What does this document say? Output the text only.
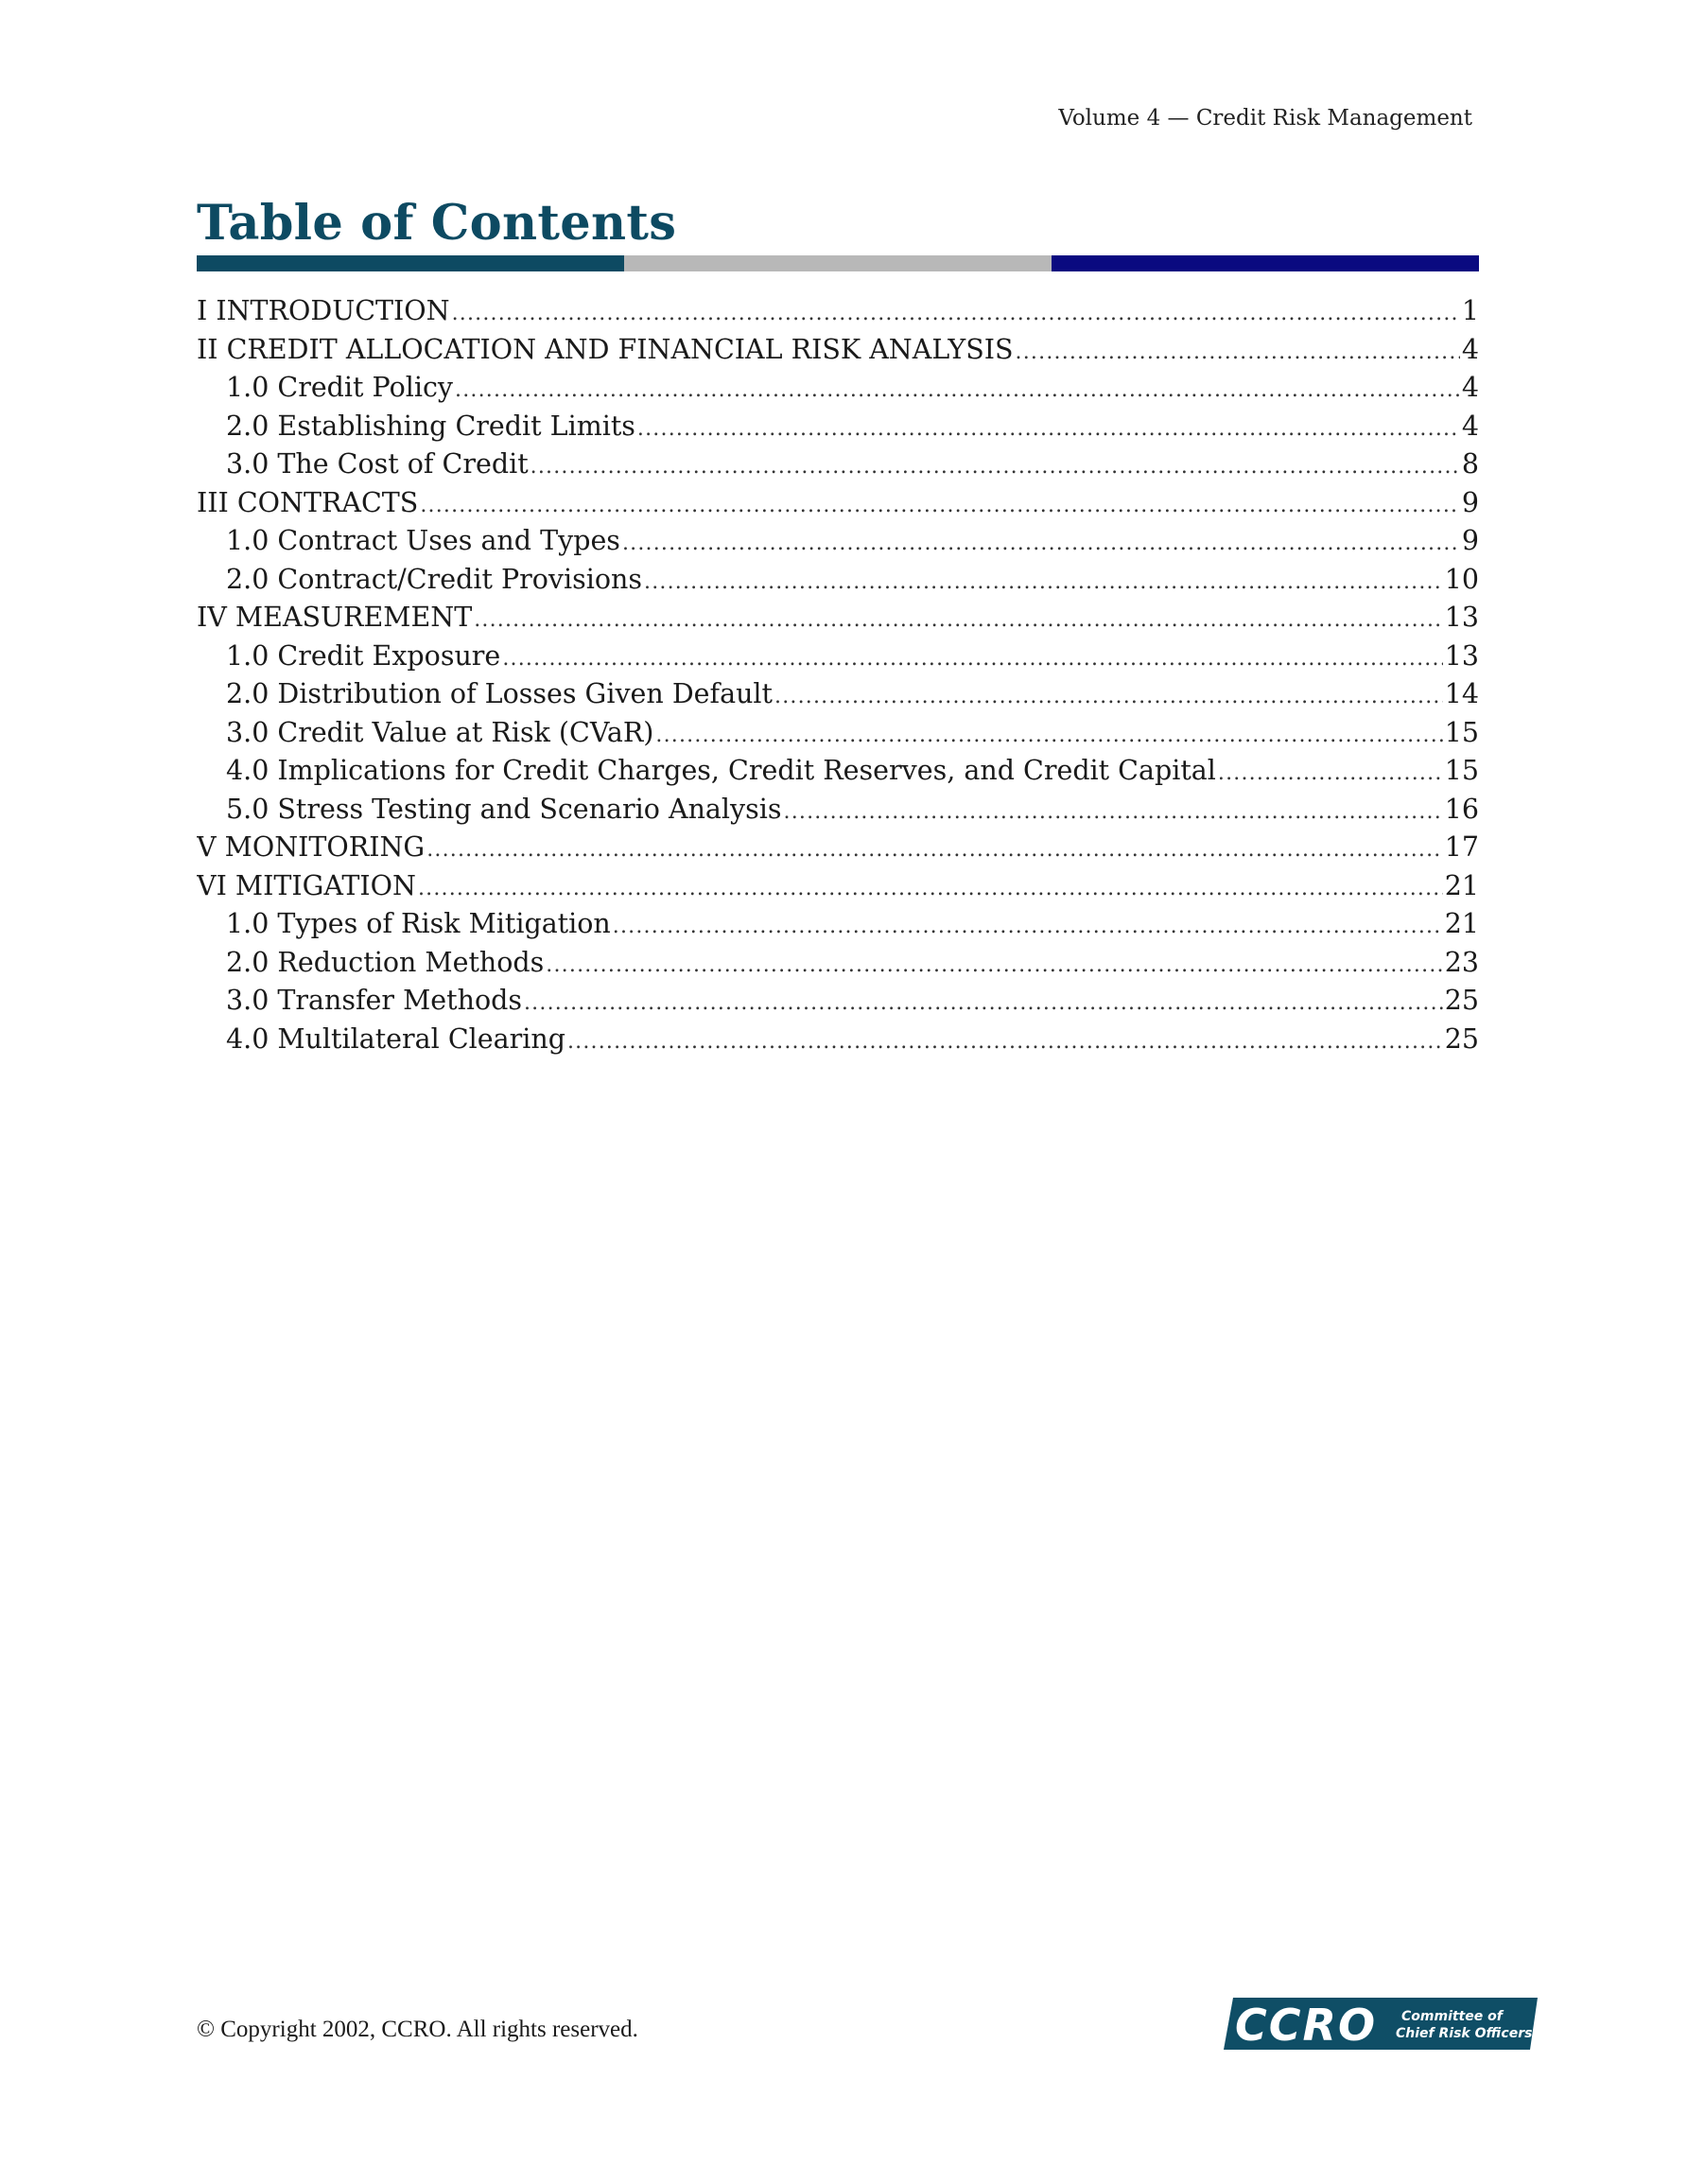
Volume 4 — Credit Risk Management
Table of Contents
I INTRODUCTION .....	1
II CREDIT ALLOCATION AND FINANCIAL RISK ANALYSIS .....	4
1.0 Credit Policy .....	4
2.0 Establishing Credit Limits .....	4
3.0 The Cost of Credit .....	8
III CONTRACTS .....	9
1.0 Contract Uses and Types .....	9
2.0 Contract/Credit Provisions .....	10
IV MEASUREMENT .....	13
1.0 Credit Exposure .....	13
2.0 Distribution of Losses Given Default .....	14
3.0 Credit Value at Risk (CVaR) .....	15
4.0 Implications for Credit Charges, Credit Reserves, and Credit Capital .....	15
5.0 Stress Testing and Scenario Analysis .....	16
V MONITORING .....	17
VI MITIGATION .....	21
1.0 Types of Risk Mitigation .....	21
2.0 Reduction Methods .....	23
3.0 Transfer Methods .....	25
4.0 Multilateral Clearing .....	25
© Copyright 2002, CCRO. All rights reserved.	CCRO Committee of
Chief Risk Officers
